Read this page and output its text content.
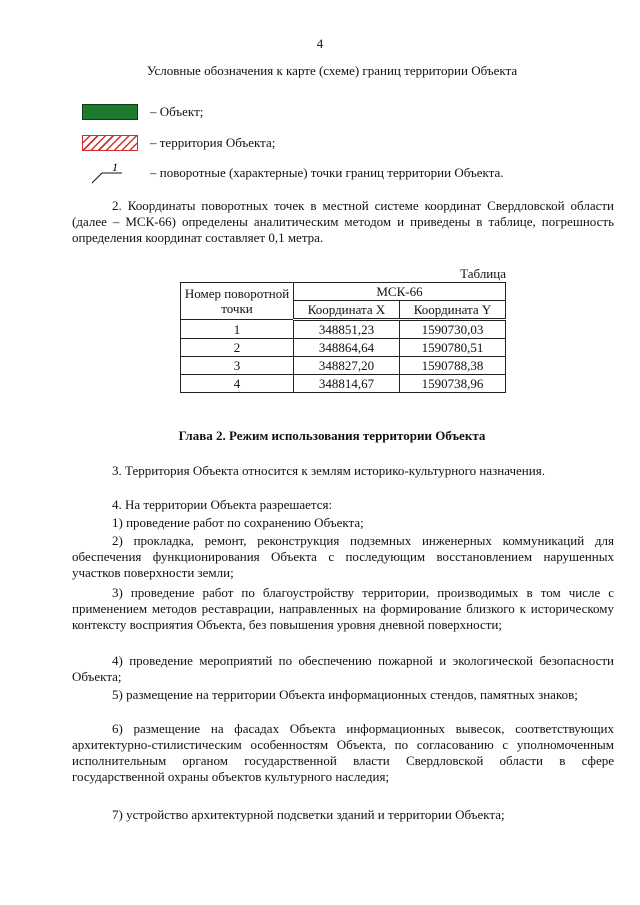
4
Условные обозначения к карте (схеме) границ территории Объекта
– Объект;
– территория Объекта;
1 – поворотные (характерные) точки границ территории Объекта.
2. Координаты поворотных точек в местной системе координат Свердловской области (далее – МСК-66) определены аналитическим методом и приведены в таблице, погрешность определения координат составляет 0,1 метра.
Таблица
Номер поворотной точки	МСК-66	
	Координата X	Координата Y
1	348851,23	1590730,03
2	348864,64	1590780,51
3	348827,20	1590788,38
4	348814,67	1590738,96
Глава 2. Режим использования территории Объекта
3. Территория Объекта относится к землям историко-культурного назначения.
4. На территории Объекта разрешается:
1) проведение работ по сохранению Объекта;
2) прокладка, ремонт, реконструкция подземных инженерных коммуникаций для обеспечения функционирования Объекта с последующим восстановлением нарушенных участков поверхности земли;
3) проведение работ по благоустройству территории, производимых в том числе с применением методов реставрации, направленных на формирование близкого к историческому контексту восприятия Объекта, без повышения уровня дневной поверхности;
4) проведение мероприятий по обеспечению пожарной и экологической безопасности Объекта;
5) размещение на территории Объекта информационных стендов, памятных знаков;
6) размещение на фасадах Объекта информационных вывесок, соответствующих архитектурно-стилистическим особенностям Объекта, по согласованию с уполномоченным исполнительным органом государственной власти Свердловской области в сфере государственной охраны объектов культурного наследия;
7) устройство архитектурной подсветки зданий и территории Объекта;
